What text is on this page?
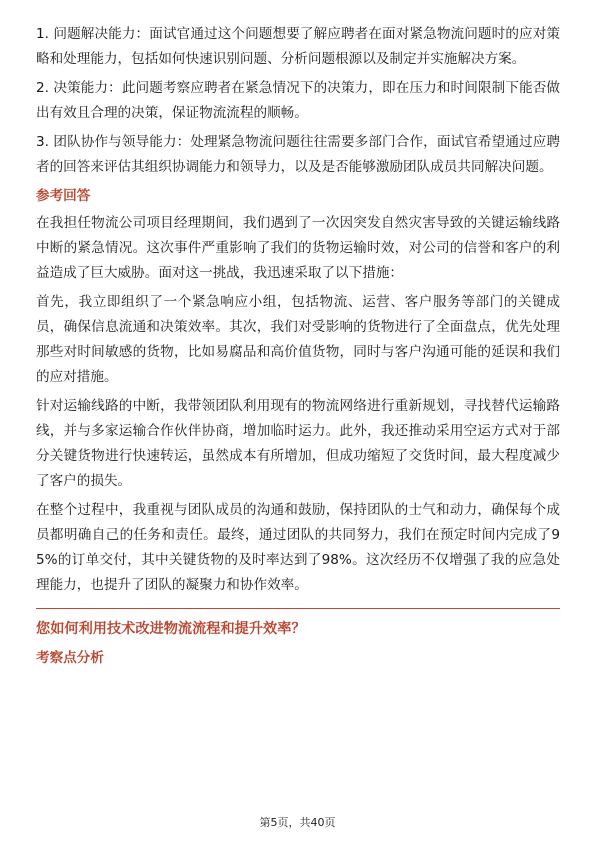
1. 问题解决能力：面试官通过这个问题想要了解应聘者在面对紧急物流问题时的应对策略和处理能力，包括如何快速识别问题、分析问题根源以及制定并实施解决方案。

2. 决策能力：此问题考察应聘者在紧急情况下的决策力，即在压力和时间限制下能否做出有效且合理的决策，保证物流流程的顺畅。

3. 团队协作与领导能力：处理紧急物流问题往往需要多部门合作，面试官希望通过应聘者的回答来评估其组织协调能力和领导力，以及是否能够激励团队成员共同解决问题。

参考回答

在我担任物流公司项目经理期间，我们遇到了一次因突发自然灾害导致的关键运输线路中断的紧急情况。这次事件严重影响了我们的货物运输时效，对公司的信誉和客户的利益造成了巨大威胁。面对这一挑战，我迅速采取了以下措施：

首先，我立即组织了一个紧急响应小组，包括物流、运营、客户服务等部门的关键成员，确保信息流通和决策效率。其次，我们对受影响的货物进行了全面盘点，优先处理那些对时间敏感的货物，比如易腐品和高价值货物，同时与客户沟通可能的延误和我们的应对措施。

针对运输线路的中断，我带领团队利用现有的物流网络进行重新规划，寻找替代运输路线，并与多家运输合作伙伴协商，增加临时运力。此外，我还推动采用空运方式对于部分关键货物进行快速转运，虽然成本有所增加，但成功缩短了交货时间，最大程度减少了客户的损失。

在整个过程中，我重视与团队成员的沟通和鼓励，保持团队的士气和动力，确保每个成员都明确自己的任务和责任。最终，通过团队的共同努力，我们在预定时间内完成了95%的订单交付，其中关键货物的及时率达到了98%。这次经历不仅增强了我的应急处理能力，也提升了团队的凝聚力和协作效率。

您如何利用技术改进物流流程和提升效率？
考察点分析
第5页，共40页
